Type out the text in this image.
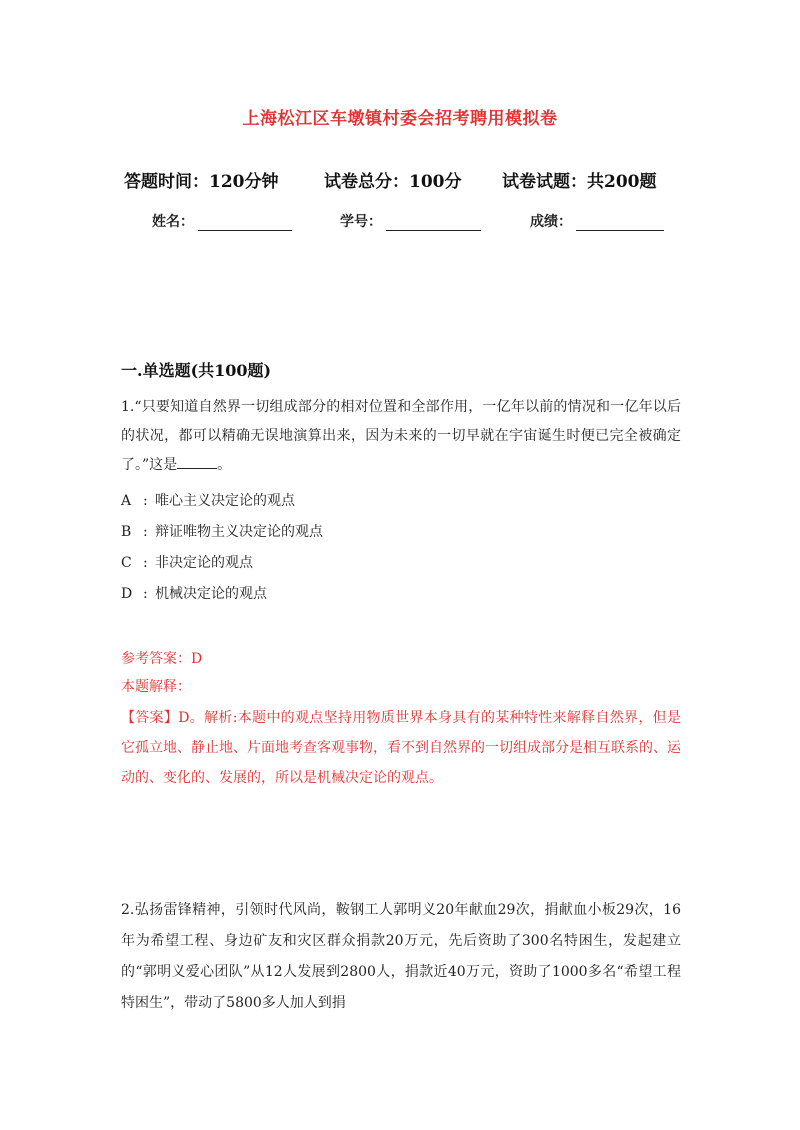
上海松江区车墩镇村委会招考聘用模拟卷
答题时间：120分钟	试卷总分：100分	试卷试题：共200题
姓名：	学号：	成绩：
一.单选题(共100题)
1.“只要知道自然界一切组成部分的相对位置和全部作用，一亿年以前的情况和一亿年以后的状况，都可以精确无误地演算出来，因为未来的一切早就在宇宙诞生时便已完全被确定了。”这是	。
A : 唯心主义决定论的观点
B : 辩证唯物主义决定论的观点
C : 非决定论的观点
D : 机械决定论的观点
参考答案：D
本题解释：
【答案】D。解析:本题中的观点坚持用物质世界本身具有的某种特性来解释自然界，但是它孤立地、静止地、片面地考查客观事物，看不到自然界的一切组成部分是相互联系的、运动的、变化的、发展的，所以是机械决定论的观点。
2.弘扬雷锋精神，引领时代风尚，鞍钢工人郭明义20年献血29次，捐献血小板29次，16年为希望工程、身边矿友和灾区群众捐款20万元，先后资助了300名特困生，发起建立的“郭明义爱心团队”从12人发展到2800人，捐款近40万元，资助了1000多名“希望工程特困生”，带动了5800多人加人到捐
